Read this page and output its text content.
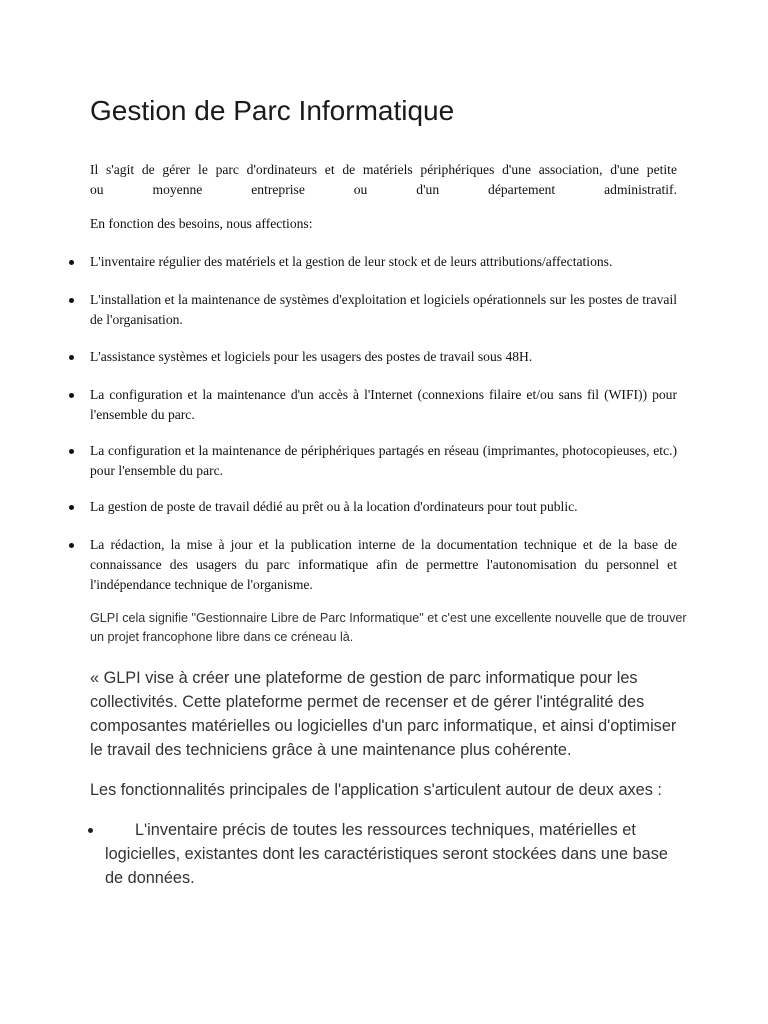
Gestion de Parc Informatique
Il s'agit de gérer le parc d'ordinateurs et de matériels périphériques d'une association, d'une petite
ou moyenne entreprise ou d'un département administratif.

En fonction des besoins, nous affections:

L'inventaire régulier des matériels et la gestion de leur stock et de leurs attributions/affectations.
L'installation et la maintenance de systèmes d'exploitation et logiciels opérationnels sur les postes de travail de l'organisation.
L'assistance systèmes et logiciels pour les usagers des postes de travail sous 48H.
La configuration et la maintenance d'un accès à l'Internet (connexions filaire et/ou sans fil (WIFI)) pour l'ensemble du parc.
La configuration et la maintenance de périphériques partagés en réseau (imprimantes, photocopieuses, etc.) pour l'ensemble du parc.
La gestion de poste de travail dédié au prêt ou à la location d'ordinateurs pour tout public.
La rédaction, la mise à jour et la publication interne de la documentation technique et de la base de connaissance des usagers du parc informatique afin de permettre l'autonomisation du personnel et l'indépendance technique de l'organisme.

GLPI cela signifie "Gestionnaire Libre de Parc Informatique" et c'est une excellente nouvelle que de trouver un projet francophone libre dans ce créneau là.

« GLPI vise à créer une plateforme de gestion de parc informatique pour les collectivités. Cette plateforme permet de recenser et de gérer l'intégralité des composantes matérielles ou logicielles d'un parc informatique, et ainsi d'optimiser le travail des techniciens grâce à une maintenance plus cohérente.

Les fonctionnalités principales de l'application s'articulent autour de deux axes :

L'inventaire précis de toutes les ressources techniques, matérielles et logicielles, existantes dont les caractéristiques seront stockées dans une base de données.
